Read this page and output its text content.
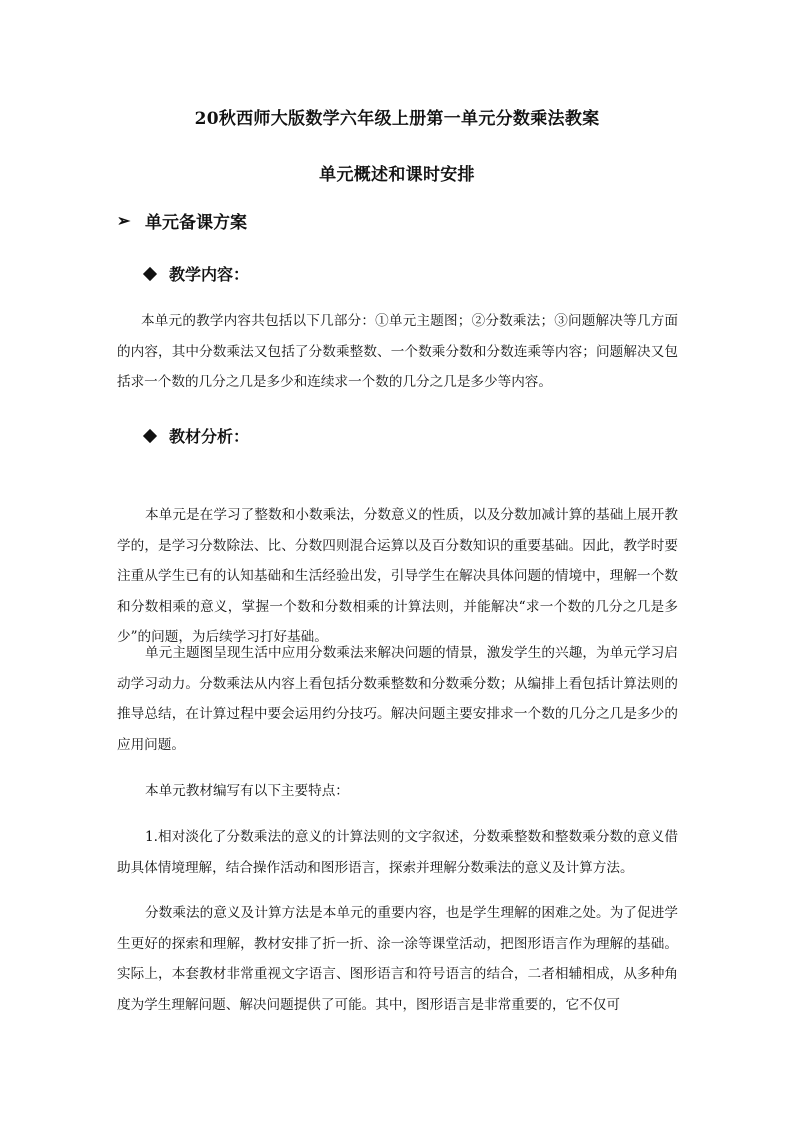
20秋西师大版数学六年级上册第一单元分数乘法教案
单元概述和课时安排
➢ 单元备课方案
教学内容：

本单元的教学内容共包括以下几部分：①单元主题图；②分数乘法；③问题解决等几方面的内容，其中分数乘法又包括了分数乘整数、一个数乘分数和分数连乘等内容；问题解决又包括求一个数的几分之几是多少和连续求一个数的几分之几是多少等内容。

教材分析：

本单元是在学习了整数和小数乘法，分数意义的性质，以及分数加减计算的基础上展开教学的，是学习分数除法、比、分数四则混合运算以及百分数知识的重要基础。因此，教学时要注重从学生已有的认知基础和生活经验出发，引导学生在解决具体问题的情境中，理解一个数和分数相乘的意义，掌握一个数和分数相乘的计算法则，并能解决“求一个数的几分之几是多少”的问题，为后续学习打好基础。

单元主题图呈现生活中应用分数乘法来解决问题的情景，激发学生的兴趣，为单元学习启动学习动力。分数乘法从内容上看包括分数乘整数和分数乘分数；从编排上看包括计算法则的推导总结，在计算过程中要会运用约分技巧。解决问题主要安排求一个数的几分之几是多少的应用问题。

本单元教材编写有以下主要特点：

1.相对淡化了分数乘法的意义的计算法则的文字叙述，分数乘整数和整数乘分数的意义借助具体情境理解，结合操作活动和图形语言，探索并理解分数乘法的意义及计算方法。

分数乘法的意义及计算方法是本单元的重要内容，也是学生理解的困难之处。为了促进学生更好的探索和理解，教材安排了折一折、涂一涂等课堂活动，把图形语言作为理解的基础。实际上，本套教材非常重视文字语言、图形语言和符号语言的结合，二者相辅相成，从多种角度为学生理解问题、解决问题提供了可能。其中，图形语言是非常重要的，它不仅可
